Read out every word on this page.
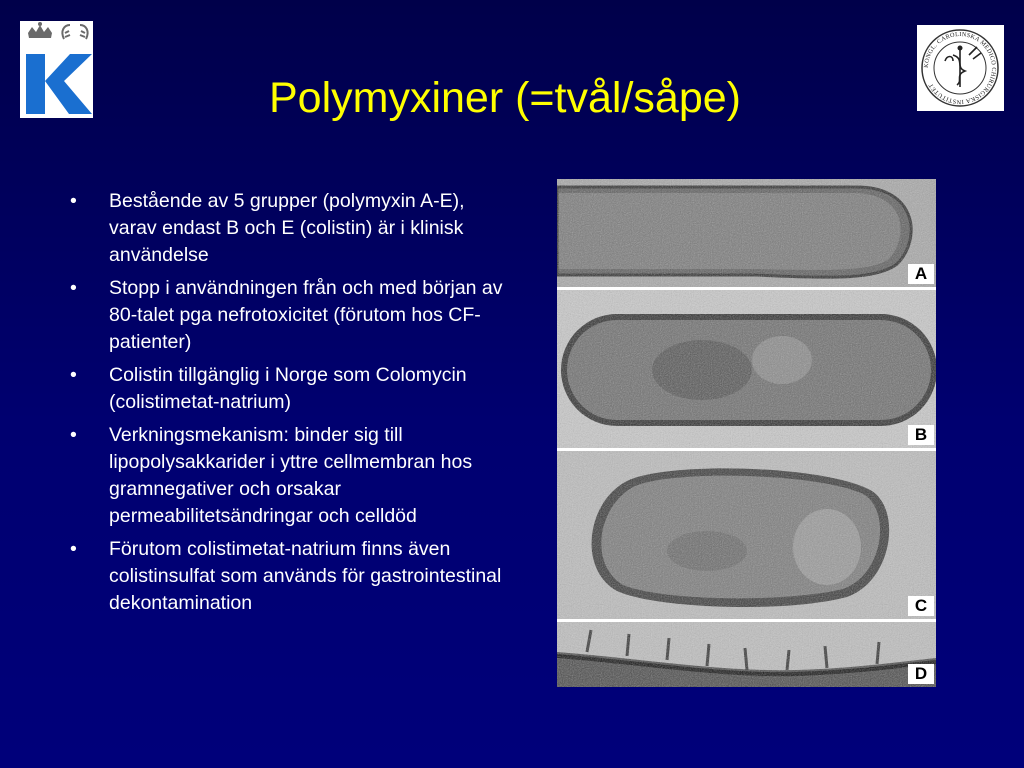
KONGL. CAROLINSKA MEDICO CHIRURGISKA INSTITUTET
Polymyxiner (=tvål/såpe)
• Bestående av 5 grupper (polymyxin A-E), varav endast B och E (colistin) är i klinisk användelse
• Stopp i användningen från och med början av 80-talet pga nefrotoxicitet (förutom hos CF-patienter)
• Colistin tillgänglig i Norge som Colomycin (colistimetat-natrium)
• Verkningsmekanism: binder sig till lipopolysakkarider i yttre cellmembran hos gramnegativer och orsakar permeabilitetsändringar och celldöd
• Förutom colistimetat-natrium finns även colistinsulfat som används för gastrointestinal dekontamination
A
B
C
D
